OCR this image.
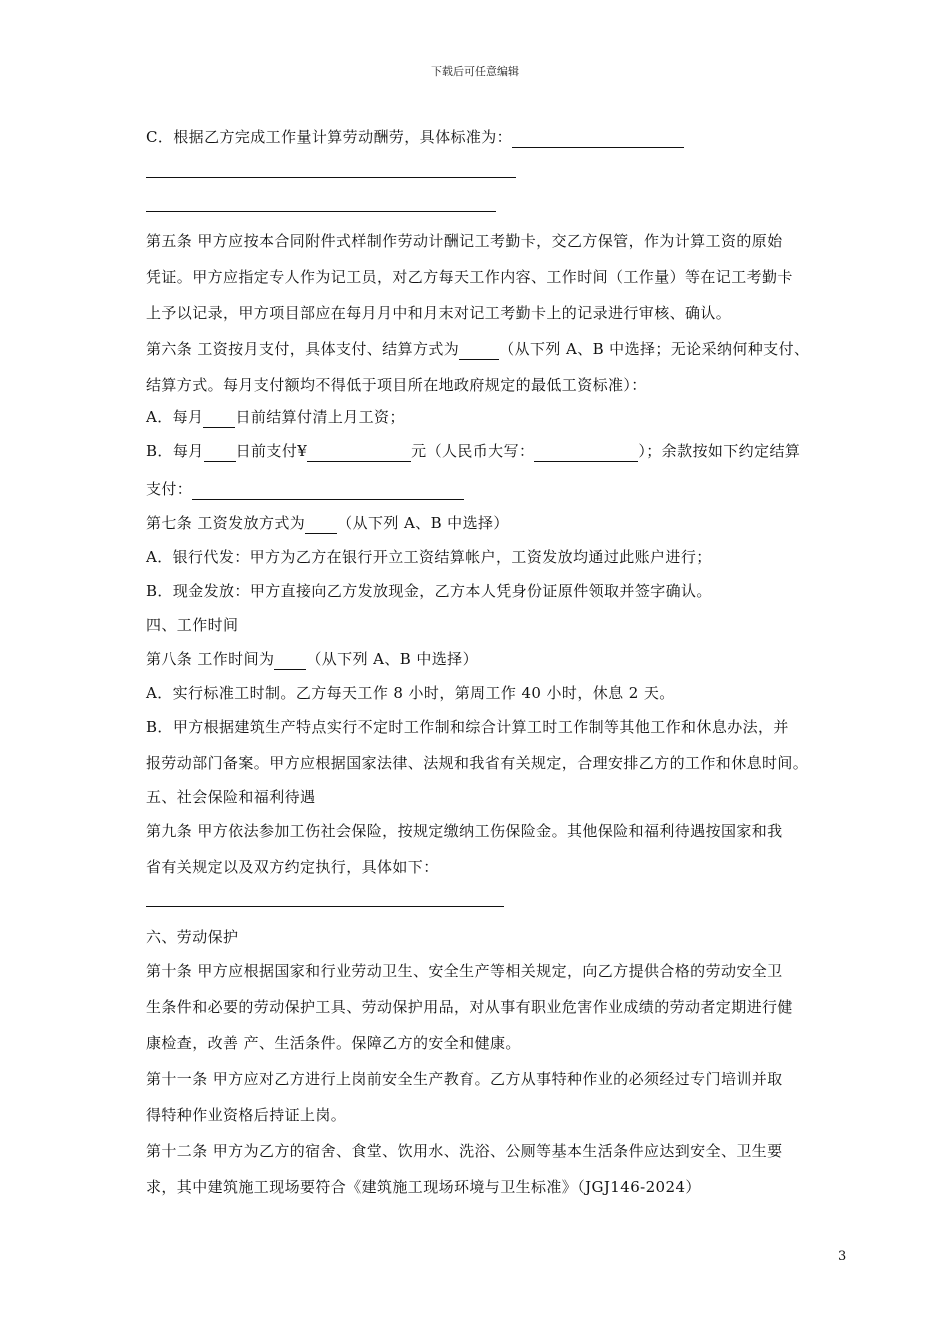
下载后可任意编辑
C．根据乙方完成工作量计算劳动酬劳，具体标准为：
第五条 甲方应按本合同附件式样制作劳动计酬记工考勤卡，交乙方保管，作为计算工资的原始
凭证。甲方应指定专人作为记工员，对乙方每天工作内容、工作时间（工作量）等在记工考勤卡
上予以记录，甲方项目部应在每月月中和月末对记工考勤卡上的记录进行审核、确认。
第六条 工资按月支付，具体支付、结算方式为	（从下列 A、B 中选择；无论采纳何种支付、
结算方式。每月支付额均不得低于项目所在地政府规定的最低工资标准）：
A．每月 日前结算付清上月工资；
B．每月 日前支付¥	元（人民币大写：	）；余款按如下约定结算
支付：
第七条 工资发放方式为 （从下列 A、B 中选择）
A．银行代发：甲方为乙方在银行开立工资结算帐户，工资发放均通过此账户进行；
B．现金发放：甲方直接向乙方发放现金，乙方本人凭身份证原件领取并签字确认。
四、工作时间
第八条 工作时间为 （从下列 A、B 中选择）
A．实行标准工时制。乙方每天工作 8 小时，第周工作 40 小时，休息 2 天。
B．甲方根据建筑生产特点实行不定时工作制和综合计算工时工作制等其他工作和休息办法，并
报劳动部门备案。甲方应根据国家法律、法规和我省有关规定，合理安排乙方的工作和休息时间。
五、社会保险和福利待遇
第九条 甲方依法参加工伤社会保险，按规定缴纳工伤保险金。其他保险和福利待遇按国家和我
省有关规定以及双方约定执行，具体如下：
六、劳动保护
第十条 甲方应根据国家和行业劳动卫生、安全生产等相关规定，向乙方提供合格的劳动安全卫
生条件和必要的劳动保护工具、劳动保护用品，对从事有职业危害作业成绩的劳动者定期进行健
康检查，改善 产、生活条件。保障乙方的安全和健康。
第十一条 甲方应对乙方进行上岗前安全生产教育。乙方从事特种作业的必须经过专门培训并取
得特种作业资格后持证上岗。
第十二条 甲方为乙方的宿舍、食堂、饮用水、洗浴、公厕等基本生活条件应达到安全、卫生要
求，其中建筑施工现场要符合《建筑施工现场环境与卫生标准》（JGJ146-2024）
3
